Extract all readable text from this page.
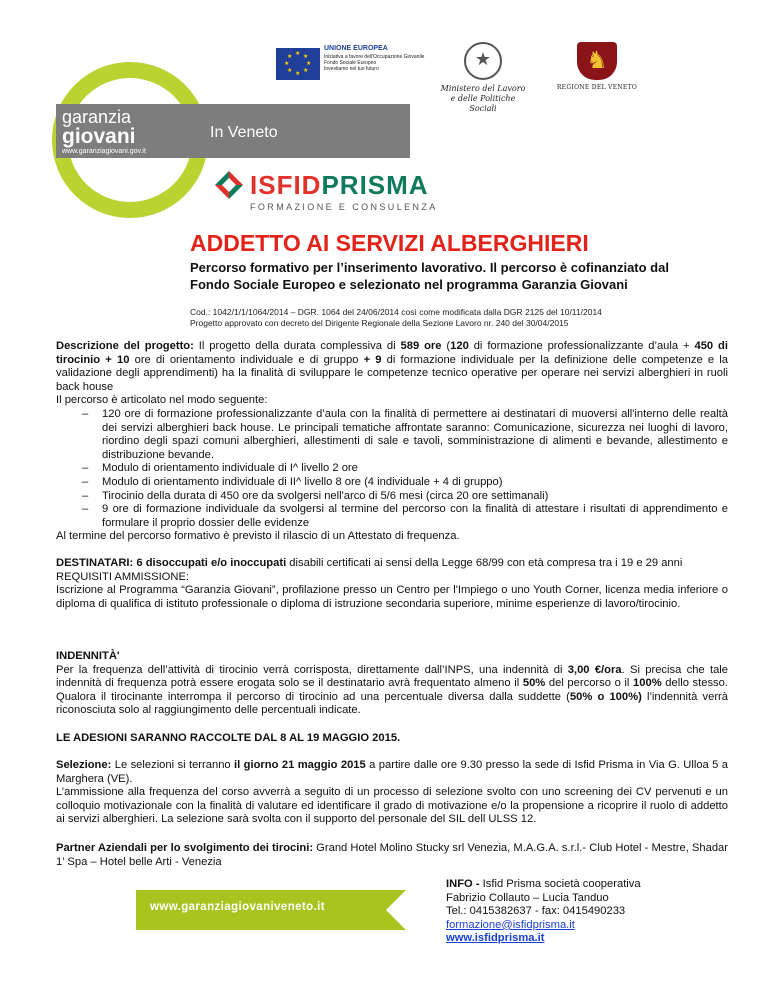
★ ★
★
★
★
★
★
★
UNIONE EUROPEA
Iniziativa a favore dell'Occupazione Giovanile
Fondo Sociale Europeo
Investiamo nel tuo futuro
★
Ministero del Lavoro
e delle Politiche Sociali
♞
REGIONE DEL VENETO
garanzia
giovani
www.garanziagiovani.gov.it
In Veneto
ISFIDPRISMA
FORMAZIONE E CONSULENZA
ADDETTO AI SERVIZI ALBERGHIERI
Percorso formativo per l’inserimento lavorativo. Il percorso è cofinanziato dal Fondo Sociale Europeo e selezionato nel programma Garanzia Giovani
Cod.: 1042/1/1/1064/2014 – DGR. 1064 del 24/06/2014 così come modificata dalla DGR 2125 del 10/11/2014
Progetto approvato con decreto del Dirigente Regionale della Sezione Lavoro nr. 240 del 30/04/2015
Descrizione del progetto: Il progetto della durata complessiva di 589 ore (120 di formazione professionalizzante d’aula + 450 di tirocinio + 10 ore di orientamento individuale e di gruppo + 9 di formazione individuale per la definizione delle competenze e la validazione degli apprendimenti) ha la finalità di sviluppare le competenze tecnico operative per operare nei servizi alberghieri in ruoli back house
Il percorso è articolato nel modo seguente:
– 120 ore di formazione professionalizzante d’aula con la finalità di permettere ai destinatari di muoversi all'interno delle realtà dei servizi alberghieri back house. Le principali tematiche affrontate saranno: Comunicazione, sicurezza nei luoghi di lavoro, riordino degli spazi comuni alberghieri, allestimenti di sale e tavoli, somministrazione di alimenti e bevande, allestimento e distribuzione bevande.
– Modulo di orientamento individuale di I^ livello 2 ore
– Modulo di orientamento individuale di II^ livello 8 ore (4 individuale + 4 di gruppo)
– Tirocinio della durata di 450 ore da svolgersi nell'arco di 5/6 mesi (circa 20 ore settimanali)
– 9 ore di formazione individuale da svolgersi al termine del percorso con la finalità di attestare i risultati di apprendimento e formulare il proprio dossier delle evidenze
Al termine del percorso formativo è previsto il rilascio di un Attestato di frequenza.
DESTINATARI: 6 disoccupati e/o inoccupati disabili certificati ai sensi della Legge 68/99 con età compresa tra i 19 e 29 anni
REQUISITI AMMISSIONE:
Iscrizione al Programma “Garanzia Giovani”, profilazione presso un Centro per l'Impiego o uno Youth Corner, licenza media inferiore o diploma di qualifica di istituto professionale o diploma di istruzione secondaria superiore, minime esperienze di lavoro/tirocinio.
INDENNITÀ'
Per la frequenza dell’attività di tirocinio verrà corrisposta, direttamente dall’INPS, una indennità di 3,00 €/ora. Si precisa che tale indennità di frequenza potrà essere erogata solo se il destinatario avrà frequentato almeno il 50% del percorso o il 100% dello stesso. Qualora il tirocinante interrompa il percorso di tirocinio ad una percentuale diversa dalla suddette (50% o 100%) l’indennità verrà riconosciuta solo al raggiungimento delle percentuali indicate.
LE ADESIONI SARANNO RACCOLTE DAL 8 AL 19 MAGGIO 2015.
Selezione: Le selezioni si terranno il giorno 21 maggio 2015 a partire dalle ore 9.30 presso la sede di Isfid Prisma in Via G. Ulloa 5 a Marghera (VE).
L’ammissione alla frequenza del corso avverrà a seguito di un processo di selezione svolto con uno screening dei CV pervenuti e un colloquio motivazionale con la finalità di valutare ed identificare il grado di motivazione e/o la propensione a ricoprire il ruolo di addetto ai servizi alberghieri. La selezione sarà svolta con il supporto del personale del SIL dell ULSS 12.
Partner Aziendali per lo svolgimento dei tirocini: Grand Hotel Molino Stucky srl Venezia, M.A.G.A. s.r.l.- Club Hotel - Mestre, Shadar 1’ Spa – Hotel belle Arti - Venezia
www.garanziagiovaniveneto.it
INFO - Isfid Prisma società cooperativa
Fabrizio Collauto – Lucia Tanduo
Tel.: 0415382637 - fax: 0415490233
formazione@isfidprisma.it
www.isfidprisma.it
